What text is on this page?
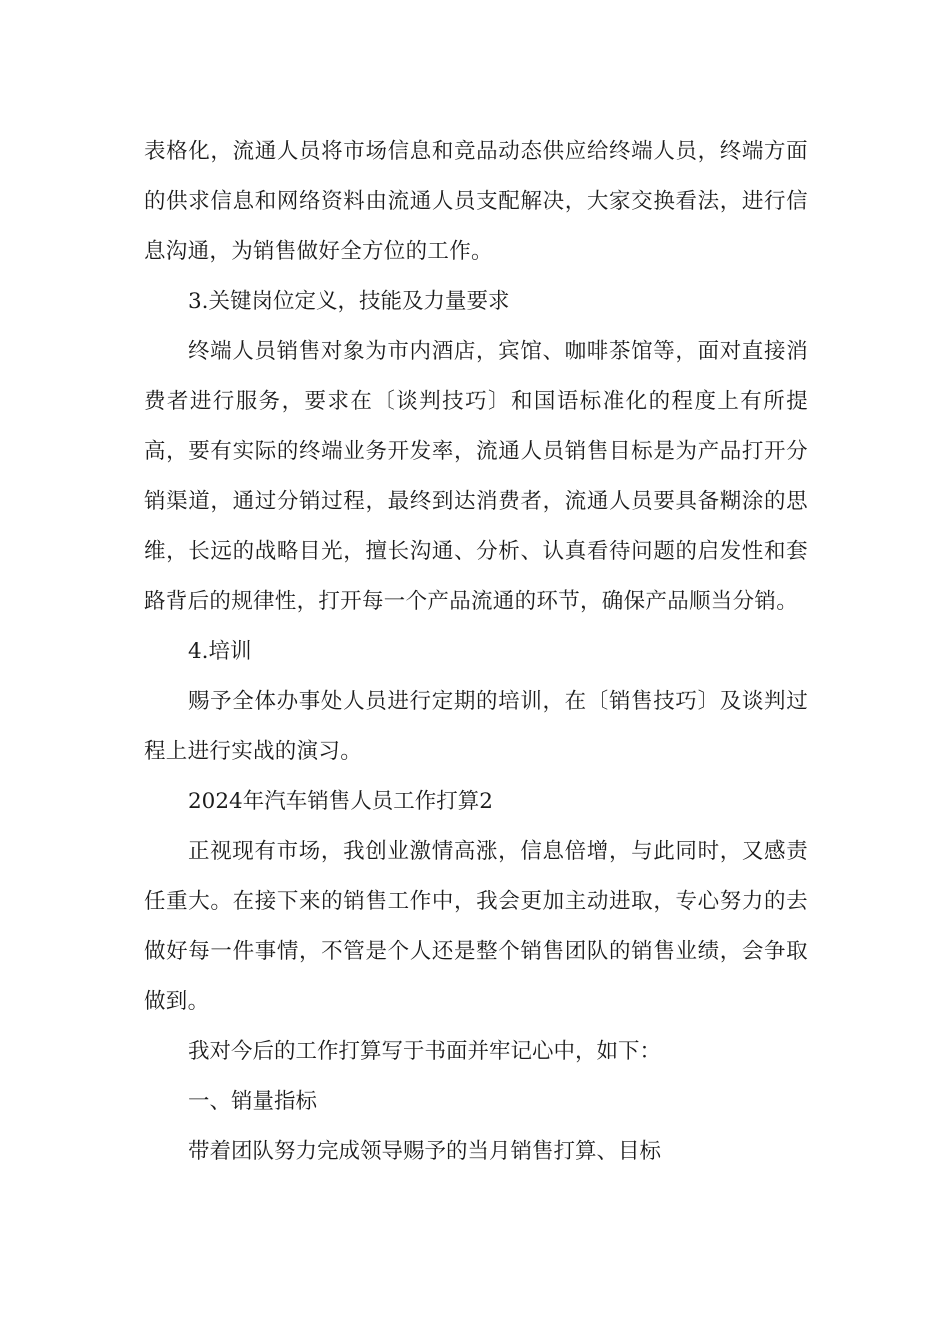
表格化，流通人员将市场信息和竞品动态供应给终端人员，终端方面的供求信息和网络资料由流通人员支配解决，大家交换看法，进行信息沟通，为销售做好全方位的工作。

3.关键岗位定义，技能及力量要求

终端人员销售对象为市内酒店，宾馆、咖啡茶馆等，面对直接消费者进行服务，要求在〔谈判技巧〕和国语标准化的程度上有所提高，要有实际的终端业务开发率，流通人员销售目标是为产品打开分销渠道，通过分销过程，最终到达消费者，流通人员要具备糊涂的思维，长远的战略目光，擅长沟通、分析、认真看待问题的启发性和套路背后的规律性，打开每一个产品流通的环节，确保产品顺当分销。

4.培训

赐予全体办事处人员进行定期的培训，在〔销售技巧〕及谈判过程上进行实战的演习。

2024年汽车销售人员工作打算2

正视现有市场，我创业激情高涨，信息倍增，与此同时，又感责任重大。在接下来的销售工作中，我会更加主动进取，专心努力的去做好每一件事情，不管是个人还是整个销售团队的销售业绩，会争取做到。

我对今后的工作打算写于书面并牢记心中，如下：

一、销量指标

带着团队努力完成领导赐予的当月销售打算、目标
